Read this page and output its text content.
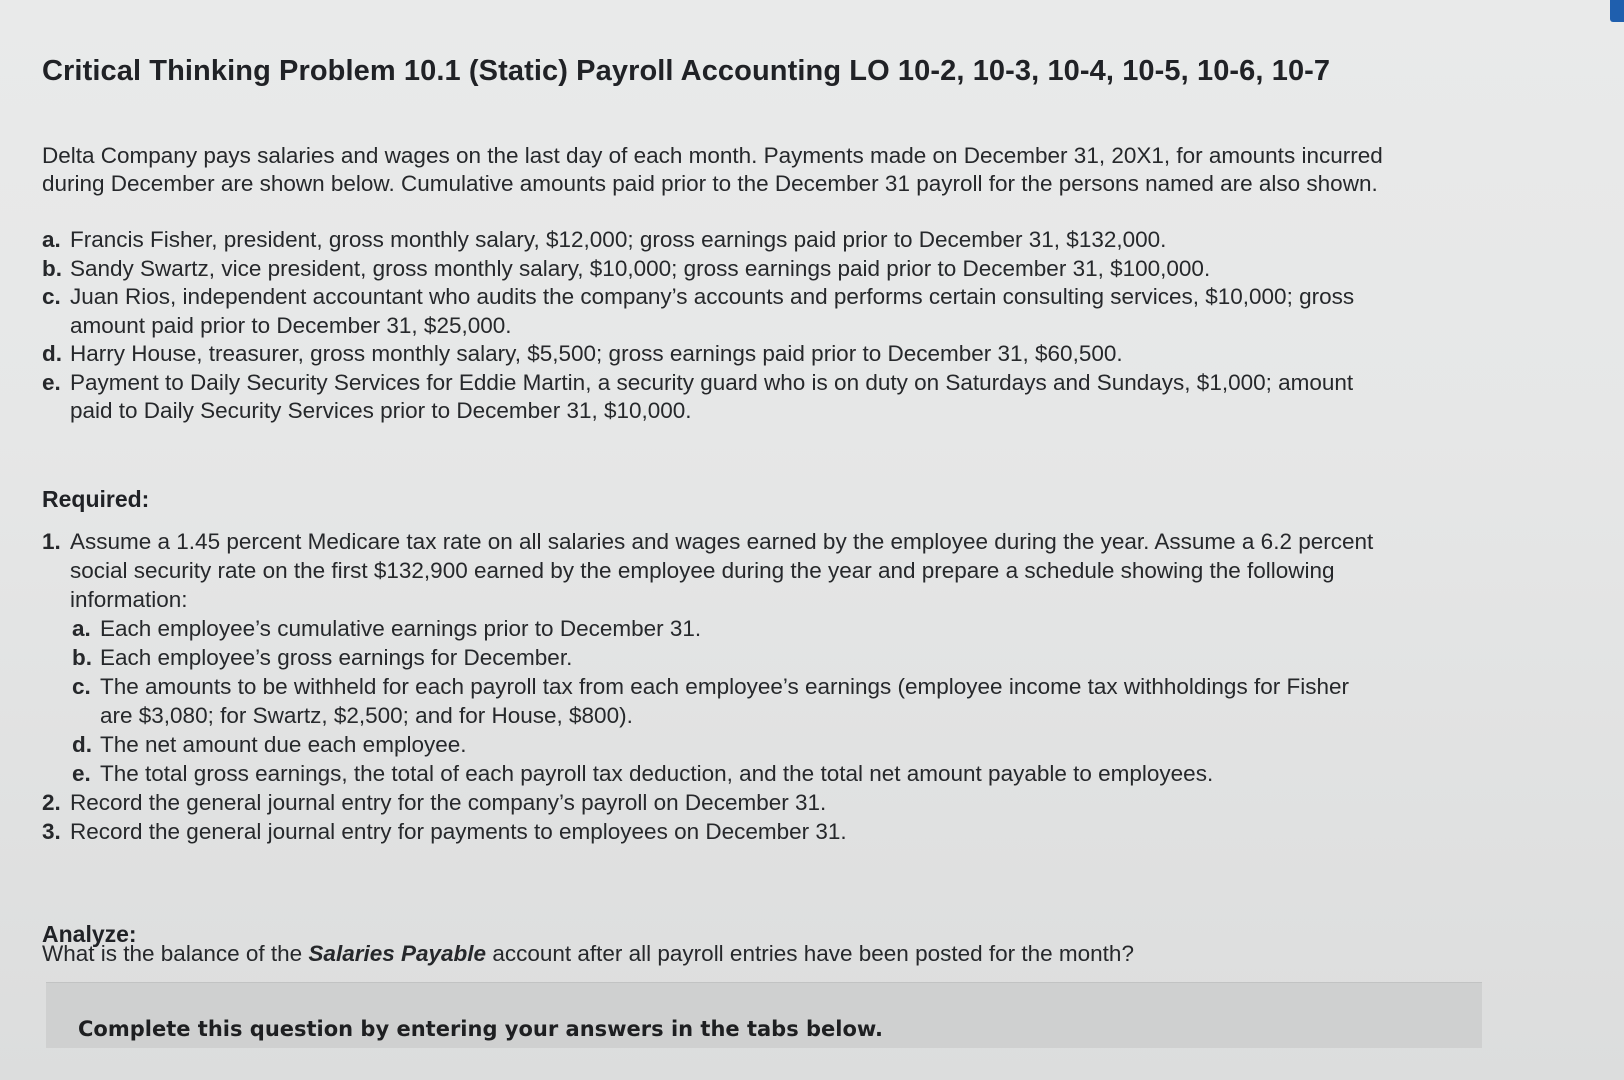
Critical Thinking Problem 10.1 (Static) Payroll Accounting LO 10-2, 10-3, 10-4, 10-5, 10-6, 10-7

Delta Company pays salaries and wages on the last day of each month. Payments made on December 31, 20X1, for amounts incurred

during December are shown below. Cumulative amounts paid prior to the December 31 payroll for the persons named are also shown.

a. Francis Fisher, president, gross monthly salary, $12,000; gross earnings paid prior to December 31, $132,000.
b. Sandy Swartz, vice president, gross monthly salary, $10,000; gross earnings paid prior to December 31, $100,000.
c. Juan Rios, independent accountant who audits the company’s accounts and performs certain consulting services, $10,000; gross
amount paid prior to December 31, $25,000.
d. Harry House, treasurer, gross monthly salary, $5,500; gross earnings paid prior to December 31, $60,500.
e. Payment to Daily Security Services for Eddie Martin, a security guard who is on duty on Saturdays and Sundays, $1,000; amount
paid to Daily Security Services prior to December 31, $10,000.
Required:
1. Assume a 1.45 percent Medicare tax rate on all salaries and wages earned by the employee during the year. Assume a 6.2 percent
social security rate on the first $132,900 earned by the employee during the year and prepare a schedule showing the following
information:
a. Each employee’s cumulative earnings prior to December 31.
b. Each employee’s gross earnings for December.
c. The amounts to be withheld for each payroll tax from each employee’s earnings (employee income tax withholdings for Fisher
are $3,080; for Swartz, $2,500; and for House, $800).
d. The net amount due each employee.
e. The total gross earnings, the total of each payroll tax deduction, and the total net amount payable to employees.
2. Record the general journal entry for the company’s payroll on December 31.
3. Record the general journal entry for payments to employees on December 31.
Analyze:
What is the balance of the Salaries Payable account after all payroll entries have been posted for the month?
Complete this question by entering your answers in the tabs below.
